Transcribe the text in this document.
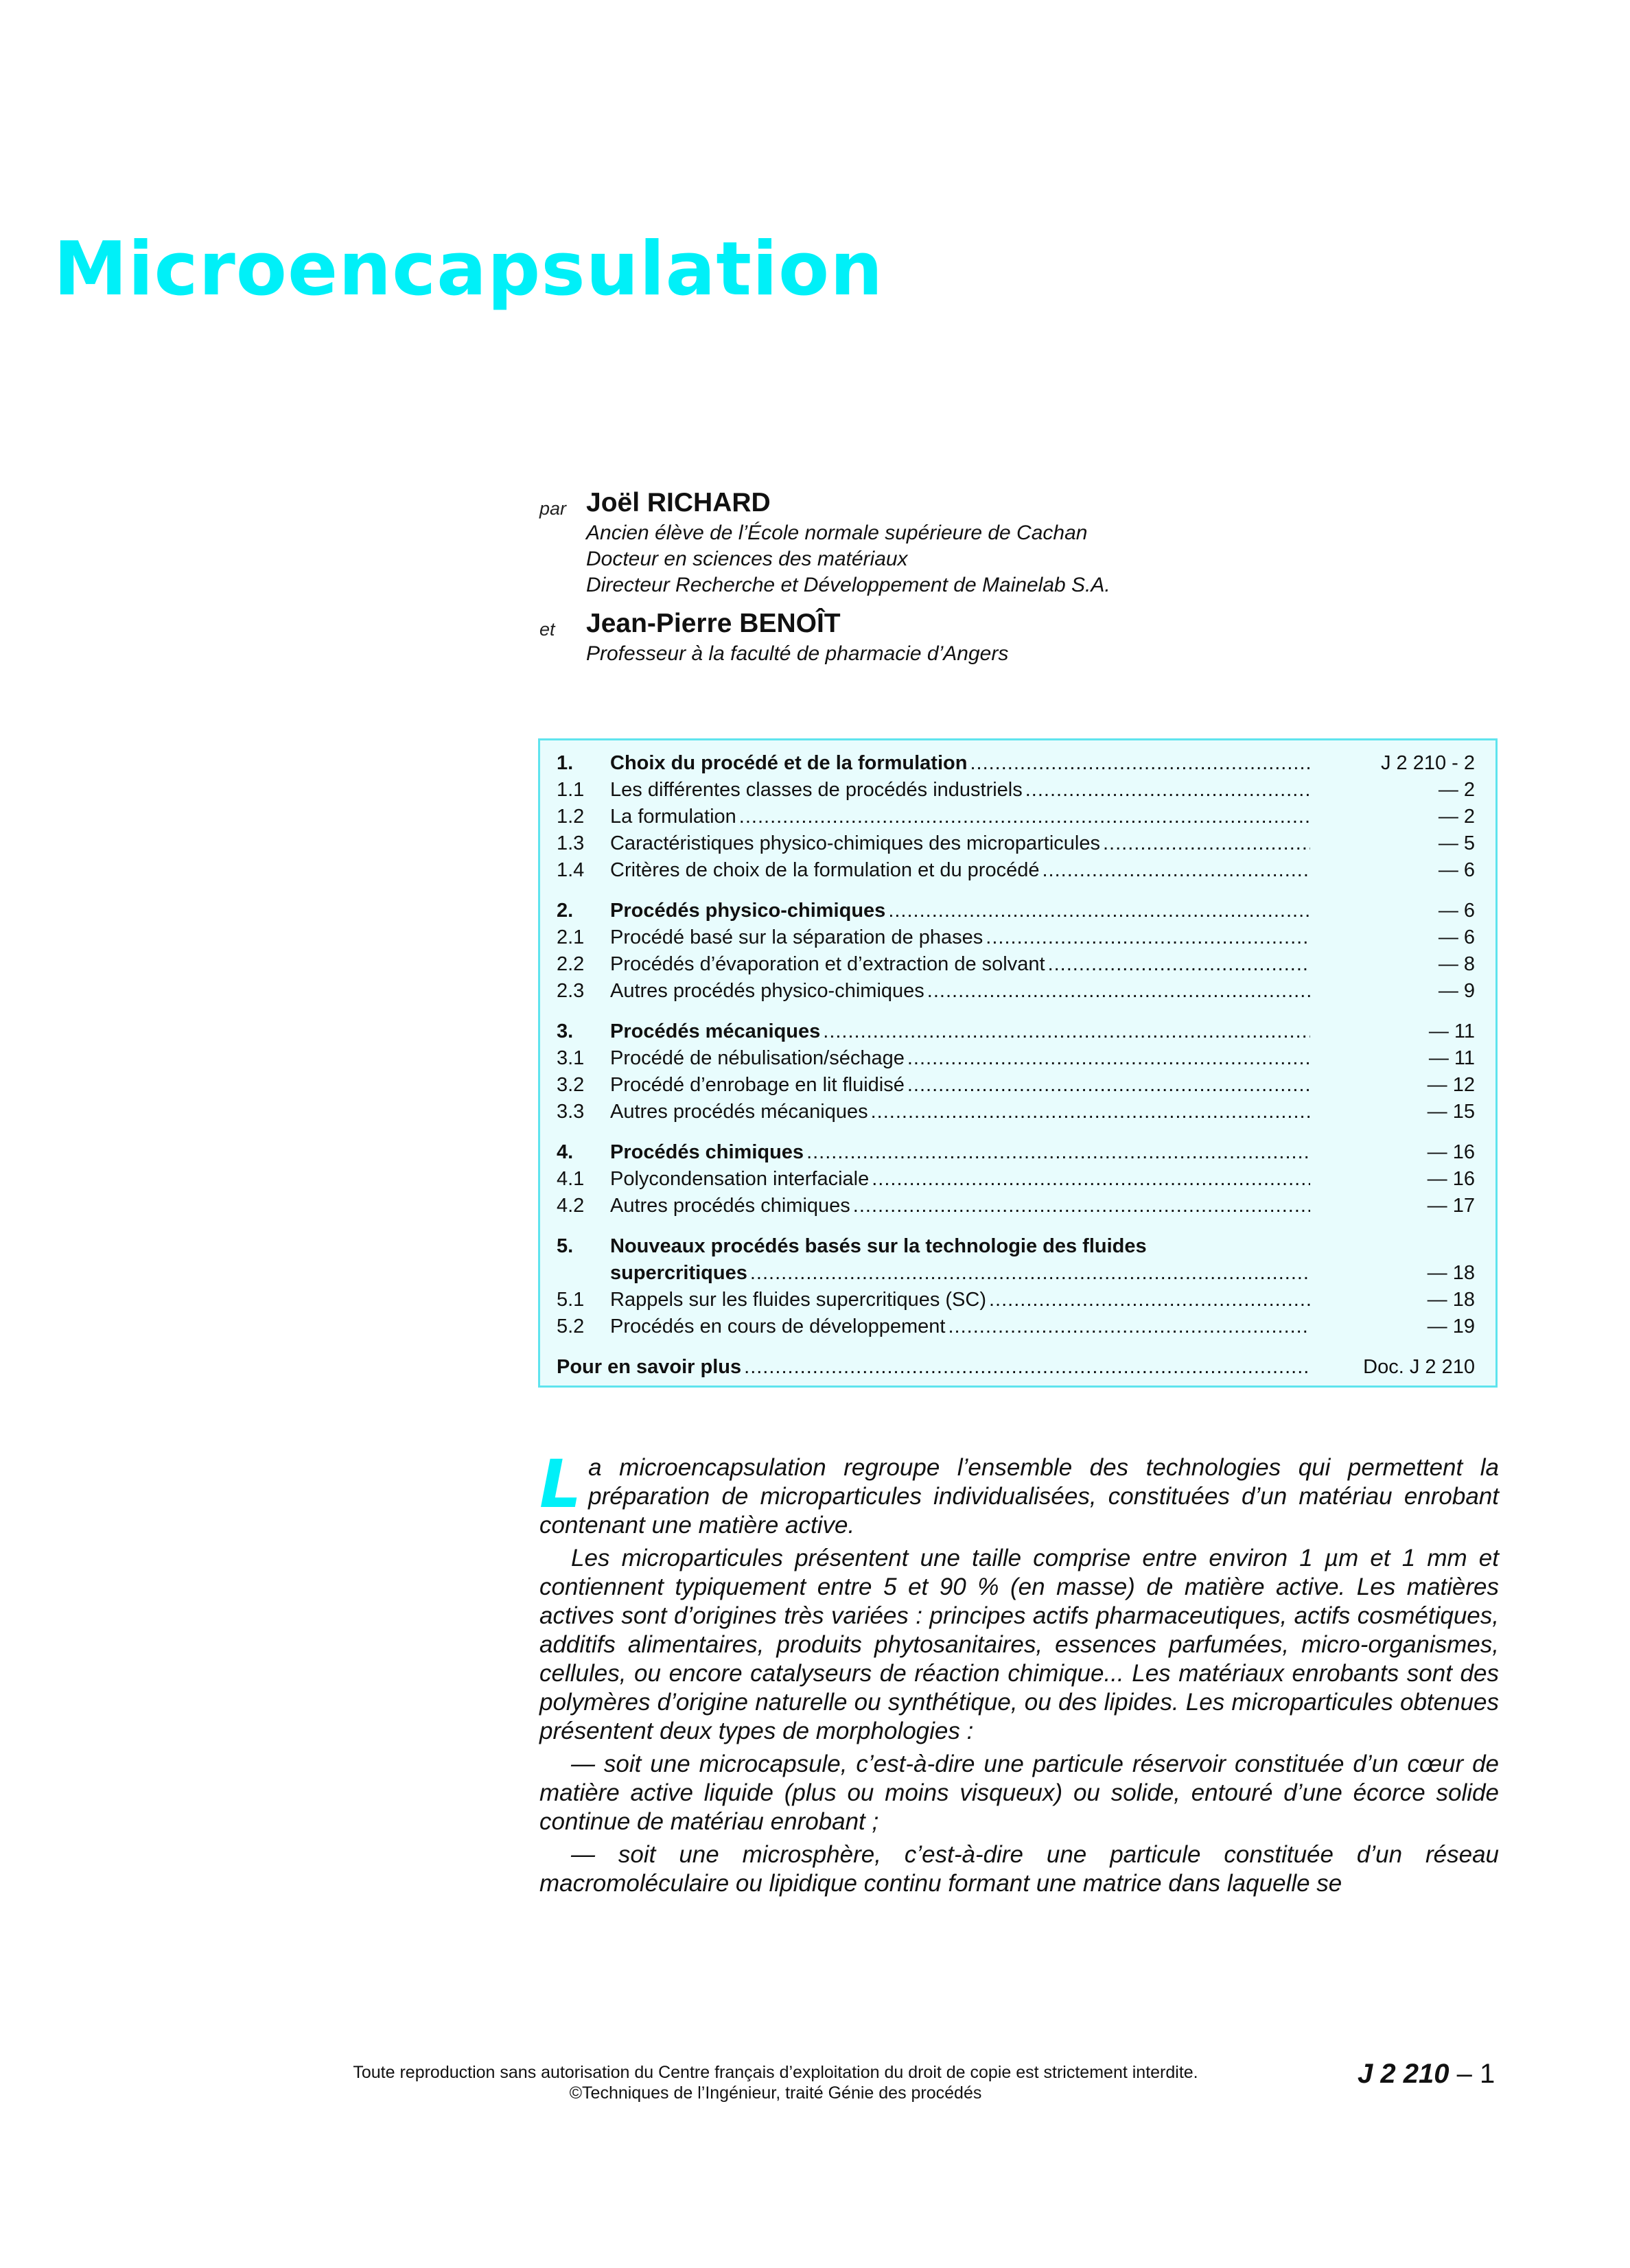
Microencapsulation
par Joël RICHARD
Ancien élève de l’École normale supérieure de Cachan
Docteur en sciences des matériaux
Directeur Recherche et Développement de Mainelab S.A.
et Jean-Pierre BENOÎT
Professeur à la faculté de pharmacie d’Angers
1.	Choix du procédé et de la formulation .....	J 2 210 - 2
1.1	Les différentes classes de procédés industriels .....	— 2
1.2	La formulation .....	— 2
1.3	Caractéristiques physico-chimiques des microparticules .....	— 5
1.4	Critères de choix de la formulation et du procédé .....	— 6
2.	Procédés physico-chimiques .....	— 6
2.1	Procédé basé sur la séparation de phases .....	— 6
2.2	Procédés d’évaporation et d’extraction de solvant .....	— 8
2.3	Autres procédés physico-chimiques .....	— 9
3.	Procédés mécaniques .....	— 11
3.1	Procédé de nébulisation/séchage .....	— 11
3.2	Procédé d’enrobage en lit fluidisé .....	— 12
3.3	Autres procédés mécaniques .....	— 15
4.	Procédés chimiques .....	— 16
4.1	Polycondensation interfaciale .....	— 16
4.2	Autres procédés chimiques .....	— 17
5.	Nouveaux procédés basés sur la technologie des fluides
supercritiques .....	— 18
5.1	Rappels sur les fluides supercritiques (SC) .....	— 18
5.2	Procédés en cours de développement .....	— 19
Pour en savoir plus .....	Doc. J 2 210

La microencapsulation regroupe l’ensemble des technologies qui permettent la préparation de microparticules individualisées, constituées d’un matériau enrobant contenant une matière active.

Les microparticules présentent une taille comprise entre environ 1 µm et 1 mm et contiennent typiquement entre 5 et 90 % (en masse) de matière active. Les matières actives sont d’origines très variées : principes actifs pharmaceutiques, actifs cosmétiques, additifs alimentaires, produits phytosanitaires, essences parfumées, micro-organismes, cellules, ou encore catalyseurs de réaction chimique... Les matériaux enrobants sont des polymères d’origine naturelle ou synthétique, ou des lipides. Les microparticules obtenues présentent deux types de morphologies :

— soit une microcapsule, c’est-à-dire une particule réservoir constituée d’un cœur de matière active liquide (plus ou moins visqueux) ou solide, entouré d’une écorce solide continue de matériau enrobant ;

— soit une microsphère, c’est-à-dire une particule constituée d’un réseau macromoléculaire ou lipidique continu formant une matrice dans laquelle se

Toute reproduction sans autorisation du Centre français d’exploitation du droit de copie est strictement interdite.
©Techniques de l’Ingénieur, traité Génie des procédés
J 2 210 – 1
